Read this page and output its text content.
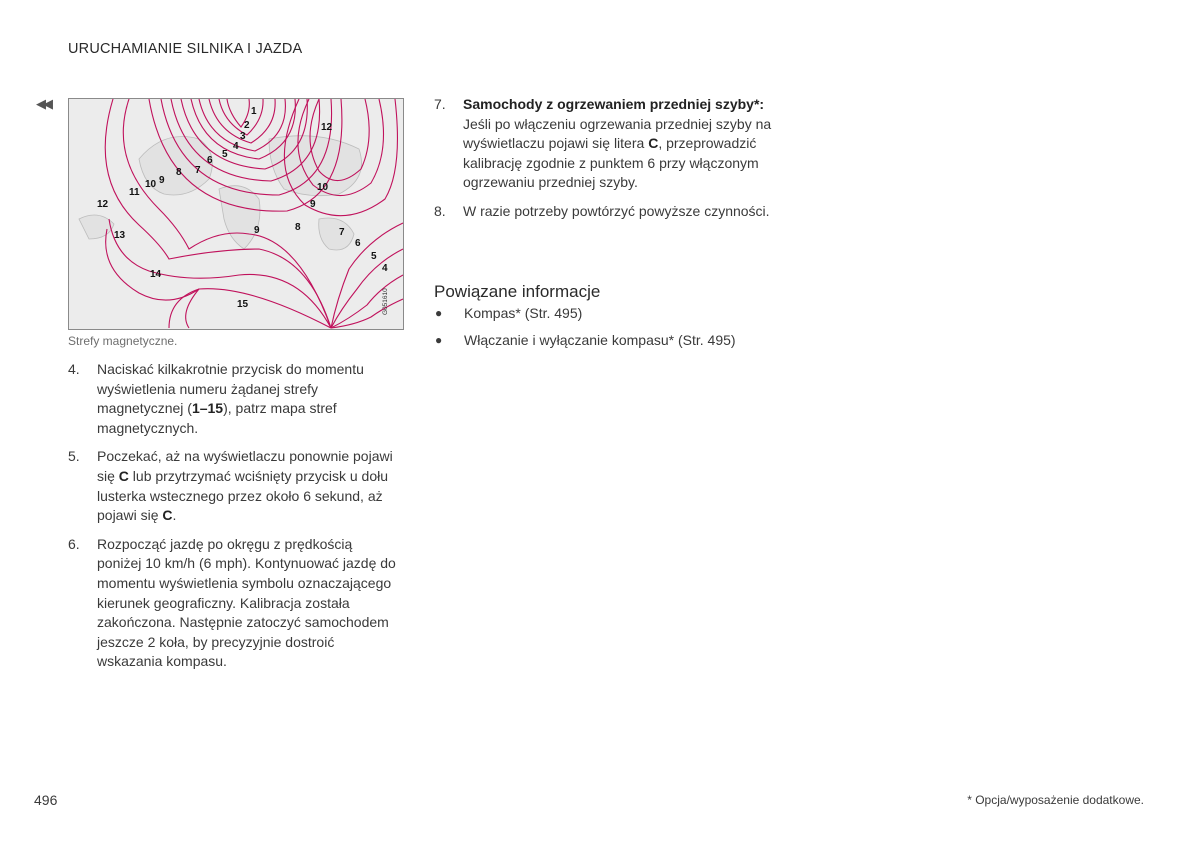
URUCHAMIANIE SILNIKA I JAZDA
◀◀
1
2
3
4
5
6
7
8
9
10
11
12
13
14
15
12
10
9
9	8	7
6
5
4
G051610
Strefy magnetyczne.
4.	Naciskać kilkakrotnie przycisk do momentu wyświetlenia numeru żądanej strefy magnetycznej (1–15), patrz mapa stref magnetycznych.
5.	Poczekać, aż na wyświetlaczu ponownie pojawi się C lub przytrzymać wciśnięty przycisk u dołu lusterka wstecznego przez około 6 sekund, aż pojawi się C.
6.	Rozpocząć jazdę po okręgu z prędkością poniżej 10 km/h (6 mph). Kontynuować jazdę do momentu wyświetlenia symbolu oznaczającego kierunek geograficzny. Kalibracja została zakończona. Następnie zatoczyć samochodem jeszcze 2 koła, by precyzyjnie dostroić wskazania kompasu.
7.	Samochody z ogrzewaniem przedniej szyby*: Jeśli po włączeniu ogrzewania przedniej szyby na wyświetlaczu pojawi się litera C, przeprowadzić kalibrację zgodnie z punktem 6 przy włączonym ogrzewaniu przedniej szyby.
8.	W razie potrzeby powtórzyć powyższe czynności.
Powiązane informacje
●	Kompas* (Str. 495)
●	Włączanie i wyłączanie kompasu* (Str. 495)
496	* Opcja/wyposażenie dodatkowe.
